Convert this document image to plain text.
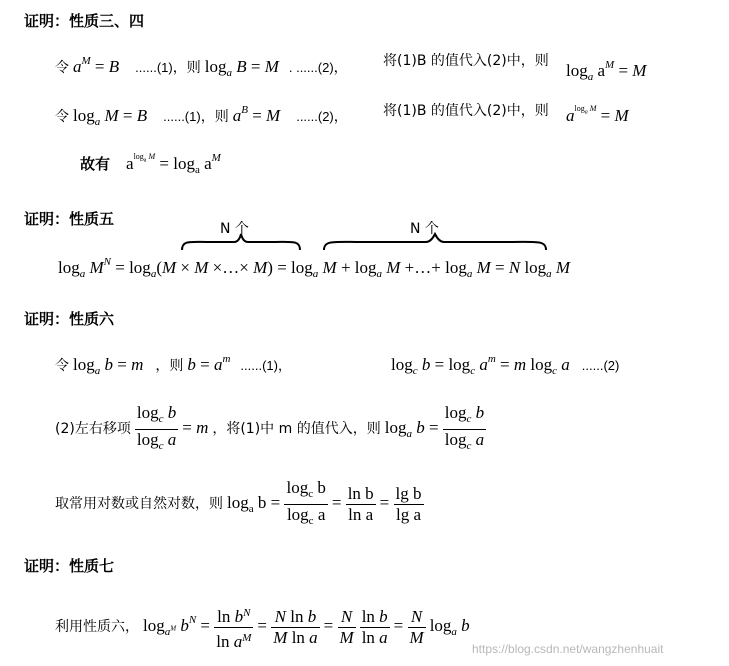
证明：性质三、四
证明：性质五
证明：性质六
证明：性质七
令 $a^M = B$ ......(1)，则 $\log_a B = M$ . ......(2)，	将(1)B 的值代入(2)中，则 $\log_a a^M = M$
令 $\log_a M = B$ ......(1)，则 $a^B = M$ ......(2)，	将(1)B 的值代入(2)中，则 $a^{log_a M} = M$
故有 $a^{log_a M} = \log_a a^M$
N 个	N 个
$\log_a M^N = \log_a(M \times M$ ×…× $M) = \log_a M + \log_a M$ +…+ $\log_a M = N$ $\log_a M$
令 $\log_a b = m$ ，则 $b = a^m$ ......(1)，	$\log_c b = \log_c a^m = m$ $\log_c a$ ......(2)
(2)左右移项 $\frac{\log_c b}{\log_c a} = m$ ，将(1)中 m 的值代入，则 $\log_a b = \frac{\log_c b}{\log_c a}$
取常用对数或自然对数，则 $\log_a b = \frac{\log_c b}{\log_c a} = \frac{\text{ln b}}{\text{ln a}} = \frac{\text{lg b}}{\text{lg a}}$
利用性质六， $\log_{a^M} b^N = \frac{\ln b^N}{\ln a^M} = \frac{\text{N ln b}}{\text{M ln a}} = \frac{N}{M}$
$\frac{\text{ln b}}{\text{ln a}} = \frac{N}{M} \log_a b$
https://blog.csdn.net/wangzhenhuait
